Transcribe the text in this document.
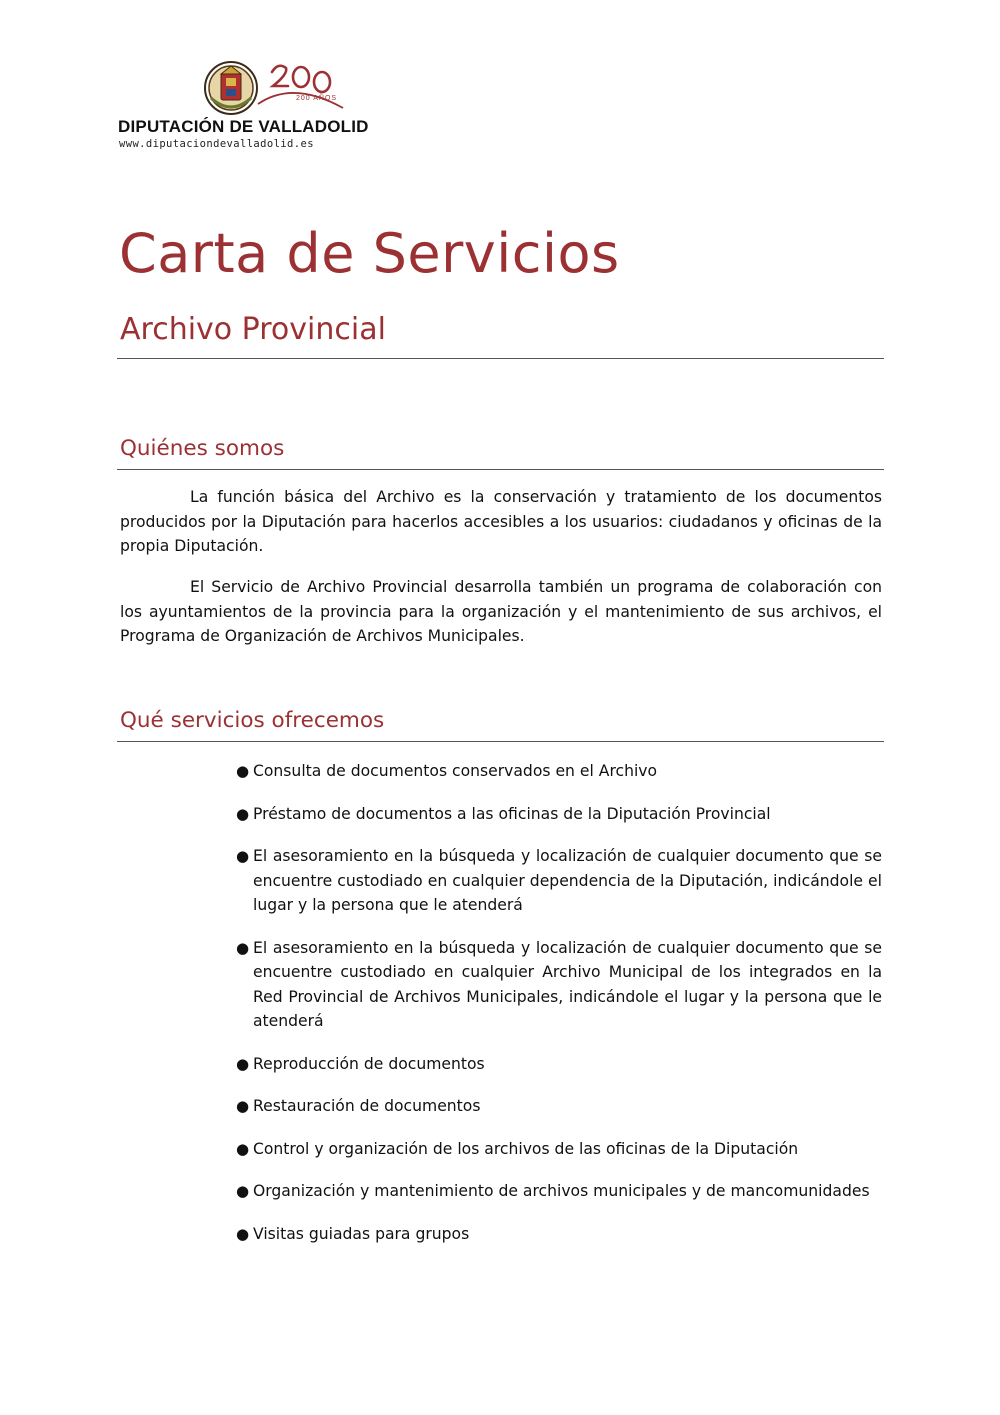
200 AÑOS
DIPUTACIÓN DE VALLADOLID
www.diputaciondevalladolid.es
Carta de Servicios
Archivo Provincial
Quiénes somos

La función básica del Archivo es la conservación y tratamiento de los documentos producidos por la Diputación para hacerlos accesibles a los usuarios: ciudadanos y oficinas de la propia Diputación.

El Servicio de Archivo Provincial desarrolla también un programa de colaboración con los ayuntamientos de la provincia para la organización y el mantenimiento de sus archivos, el Programa de Organización de Archivos Municipales.

Qué servicios ofrecemos
● Consulta de documentos conservados en el Archivo
● Préstamo de documentos a las oficinas de la Diputación Provincial
● El asesoramiento en la búsqueda y localización de cualquier documento que se encuentre custodiado en cualquier dependencia de la Diputación, indicándole el lugar y la persona que le atenderá
● El asesoramiento en la búsqueda y localización de cualquier documento que se encuentre custodiado en cualquier Archivo Municipal de los integrados en la Red Provincial de Archivos Municipales, indicándole el lugar y la persona que le atenderá
● Reproducción de documentos
● Restauración de documentos
● Control y organización de los archivos de las oficinas de la Diputación
● Organización y mantenimiento de archivos municipales y de mancomunidades
● Visitas guiadas para grupos
